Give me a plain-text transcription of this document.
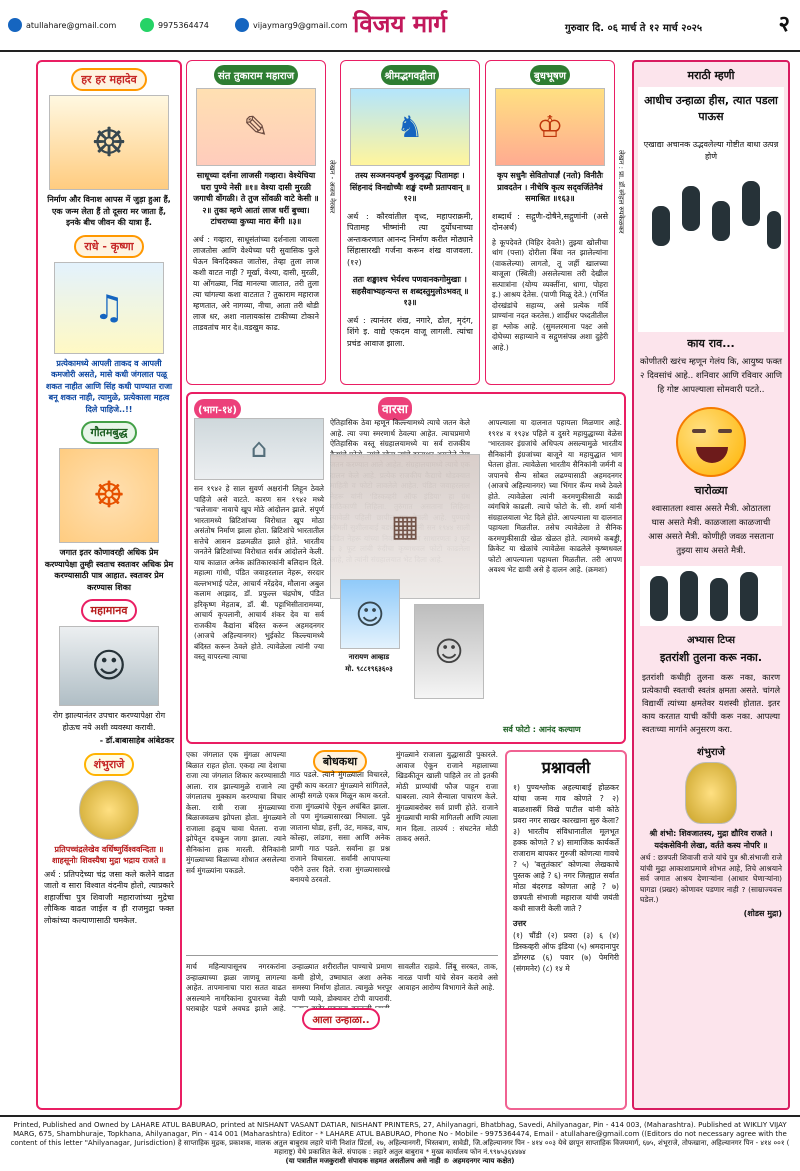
atullahare@gmail.com	9975364474	vijaymarg9@gmail.com विजय मार्ग	गुरुवार दि. ०६ मार्च ते १२ मार्च २०२५	२
हर हर महादेव
☸
निर्माण और विनाश आपस में जुड़ा हुआ हैं, एक जन्म लेता हैं तो दूसरा मर जाता हैं, इनके बीच जीवन की यात्रा हैं.
राधे - कृष्णा
♫
प्रत्येकामध्ये आपली ताकद व आपली कमजोरी असते, मासे कधी जंगलात पळू शकत नाहीत आणि सिंह कधी पाण्यात राजा बनू शकत नाही, त्यामुळे, प्रत्येकाला महत्व दिले पाहिजे..!!
गौतमबुद्ध
☸
जगात इतर कोणावरही अधिक प्रेम करण्यापेक्षा तुम्ही स्वतःच स्वतःवर अधिक प्रेम करण्यासाठी पात्र आहात. स्वतःवर प्रेम करण्यास शिका
महामानव
☺
रोग झाल्यानंतर उपचार करण्यापेक्षा रोग होऊच नये अशी व्यवस्था करावी.
- डॉ.बाबासाहेब आंबेडकर
शंभुराजे
प्रतिपच्चंद्रलेखेव वर्धिष्णुर्विश्ववन्दिता ॥ शाहसूनोः शिवस्यैषा मुद्रा भद्राय राजते ॥
अर्थ : प्रतिपदेच्या चंद्र जसा कले कलेने वाढत जातो व सारा विश्वात वंदनीय होतो, त्याप्रकारे शहाजींचा पुत्र शिवाजी महाराजांच्या मुद्रेचा लौकिक वाढत जाईल व ही राजमुद्रा फक्त लोकांच्या कल्याणासाठी चमकेल.
संत तुकाराम महाराज
✎
साधूच्या दर्शना लाजसी गव्हारा। वेश्येचिया घरा पुण्ये नेसी ॥१॥ वेश्या दासी मुरळी जगाची वोंगळी। ते तुज सोंवळी वाटे केसी ॥२॥ तुका म्हणे आतां लाज धरीं बुच्चा। टांचराच्या कुच्या मारा बेंगी ॥३॥
अर्थ : गव्हारा, साधूसंतांच्या दर्शनाला जायला लाजतोस आणि वेश्येच्या घरी सुवासिक फुले घेऊन बिनदिक्कत जातोस, तेव्हा तुला लाज कशी वाटत नाही ? मूर्खा, वेश्या, दासी, मुरळी, या ओंगळ्या, निंद्य मानल्या जातात, तरी तुला त्या चांगल्या कशा वाटतात ? तुकाराम महाराज म्हणतात, अरे नागव्या, नीचा, आता तरी थोडी लाज धर, अशा नालायकांस टाकीच्या टोकाने ताडवतांच मार दे॥.वडखुम काढ.
लेखन - अजय नेरकर
श्रीमद्भगवद्गीता
♞
तस्य सञ्जनयन्हर्षं कुरुवृद्धः पितामहः । सिंहनादं विनद्योच्चैः शङ्खं दध्मौ प्रतापवान् ॥१२॥
अर्थ : कौरवांतील वृध्द, महापराक्रमी, पितामह भीष्मांनी त्या दुर्योधनाच्या अन्तःकरणात आनन्द निर्माण करीत मोठ्याने सिंहासारखी गर्जना करून शंख वाजवला. (१२)
ततः शङ्खाश्च भेर्यश्च पणवानकगोमुखाः । सहसैवाभ्यहन्यन्त स शब्दस्तुमुलोऽभवत् ॥१३॥
अर्थ : त्यानंतर शंख, नगारे, ढोल, मृदंग, शिंगे इ. वाद्ये एकदम वाजू लागली. त्यांचा प्रचंड आवाज झाला.
बुधभूषण
♔
कृप सधुनैः सेवितोपार्ज्ञं (नतो) विनीतैः प्रावदतेन । नीचेषि कृत्य सद्‌वर्जितेनैवं समाश्रित ॥१६३॥
शब्दार्थ : सद्गुणैः-दोषैने,सद्गुणांनी (असे दोनअर्थ)
हे कूपदेवते (विहिर देवते!) तुझ्या खोलीचा थांग (पत्ता) दोरीला बिंवा नत झालेल्यांना (वाकलेल्या) लागतो, तू जर्ही खालच्या बाजूला (स्थिती) असलेल्यास तरी देखील सत्पात्रांना (योग्य व्यक्तींना, धागा, पोहरा इ.) आश्रय देतेस. (पाणी मिळू देते.) (गर्भित दोरखंडांचे सहाय्य, असे प्रत्येक गर्वि प्राण्यांना नदत करतेस.) शार्दीधर पध्दतीतील हा श्लोक आहे. (सुमलरमाना पक्ष्ट असे दोघेच्या सहाय्याने व सद्गुणसंपन्न अशा दुहेरी आहे.)
लेखन : प्रा. डॉ.स्नेहल रुपकेळकर
(भाग-१४)	वारसा
⌂
सन १९४२ हे साल सुवर्ण अक्षरांनी लिहून ठेवले पाहिजे असे वाटते. कारण सन १९४२ मध्ये 'चलेजाव' नावाचे खूप मोठे आंदोलन झाले. संपूर्ण भारतामध्ये ब्रिटिशांच्या विरोधात खूप मोठा असंतोष निर्माण झाला होता. ब्रिटिशांचे भारतातील सत्तेचे आसन डळमळीत झाले होते. भारतीय जनतेने ब्रिटिशांच्या विरोधात सर्वत्र आंदोलने केली. याच काळात अनेक क्रांतिकारकांनी बलिदान दिले. महात्मा गांधी, पंडित जवाहरलाल नेहरू, सरदार वल्लभभाई पटेल, आचार्य नरेंद्रदेव, मौलाना अबुल कलाम आझाद, डॉ. प्रफुल्ल चंद्रघोष, पंडित हरिकृष्ण मेहताब, डॉ. बी. पट्टाभिसीतारामय्या, आचार्य कृपलानी, आचार्य शंकर देव या सर्व राजकीय कैद्यांना बंदिस्त करून अहमदनगर (आजचे अहिल्यानगर) भुईकोट किल्ल्यामध्ये बंदिस्त करून ठेवले होते. त्यावेळेला त्यांनी ज्या वस्तू वापरल्या त्याचा
ऐतिहासिक ठेवा म्हणून किल्ल्यामध्ये त्याचे जतन केले आहे. त्या ज्या स्मरणार्थ ठेवल्या आहेत. त्याचप्रमाणे ऐतिहासिक वस्तू संग्रहालयामध्ये या सर्व राजकीय
▦
☺
नारायण आव्हाड
मो. ९८८१९६३६०३
☺
आपल्याला या दालनात पहायला मिळणार आहे. १९१४ व १९३४ पहिले व दुसरे महायुद्धाच्या वेळेस 'भारतावर इंग्रजांचे अधिपत्य असल्यामुळे भारतीय सैनिकांनी इंग्रजांच्या बाजूने या महायुद्धात भाग घेतला होता. त्यावेळेला भारतीय सैनिकांनी जर्मनी व जपानचे सैन्य सोबत लढण्यासाठी अहमदनगर (आजचे अहिल्यानगर) च्या भिंगार कॅम्प मध्ये ठेवले होते. त्यावेळेला त्यांनी करमणुकीसाठी काढी व्यंगचित्रे काढली. त्याचे फोटो के. सी. शर्मा यांनी संग्रहालयाला भेट दिले होते. आपल्याला या दालनात पहायला मिळतील. तसेच त्यावेळेला ते सैनिक करमणुकीसाठी खेळ खेळत होते. त्यामध्ये कबड्डी, क्रिकेट या खेळांचे त्यावेळेस काढलेले कृष्णधवल फोटो आपल्याला पहायला मिळतील. तरी आपण अवश्य भेट द्यावी असे हे दालन आहे. (क्रमशः)
सर्व फोटो : आनंद कल्याण
एका जंगलात एक मुंगळा आपल्या बिळात राहत होता. एकदा त्या देशाचा राजा त्या जंगलात शिकार करण्यासाठी आला. रात्र झाल्यामुळे राजाने त्या जंगलातच मुक्काम करण्याचा विचार केला. रात्री राजा मुंगळ्याच्या बिळाजवळच झोपला होता. मुंगळ्याने राजाला हळूच चावा घेतला. राजा झोपेतून दचकून जागा झाला. त्याने सैनिकांना हाक मारली. सैनिकांनी मुंगळ्याच्या बिळाच्या शोधात असलेल्या सर्व मुंगळ्यांना पकडले.
बोधकथा
गाठ पडले. त्याने मुंगळ्याला विचारले, तुम्ही काय करता? मुंगळ्याने सांगितले, आम्ही सगळे एकत्र मिळून काम करतो. राजा मुंगळ्यांचे ऐकून अचंबित झाला. तो पण मुंगळ्यासारखा निघाला. पुढे जाताना घोडा, हत्ती, उंट, माकड, वाघ, कोल्हा, लांडगा, ससा आणि अनेक प्राणी गाठ पडले. सर्वांना हा प्रश्न राजाने विचारला. सर्वांनी आपापल्या परीने उत्तर दिले. राजा मुंगळ्यासारखे बनायचे ठरवतो.
मुंगळ्याने राजाला युद्धासाठी पुकारले. आवाज ऐकून राजाने महालाच्या खिडकीतून खाली पाहिले तर तो इतकी मोठी प्राण्यांची फौज पाहून राजा घाबरला. त्याने सैन्याला पाचारण केले. मुंगळ्याबरोबर सर्व प्राणी होते. राजाने मुंगळ्याची माफी मागितली आणि त्याला मान दिला. तात्पर्य : संघटनेत मोठी ताकद असते.
मार्च महिन्यापासूनच नगरकरांना उन्हाळ्याच्या झळा जाणवू लागल्या आहेत. तापमानाचा पारा सतत वाढत असल्याने नागरिकांना दुपारच्या वेळी घराबाहेर पडणे अवघड झाले आहे. उन्हाळ्यात शरीरातील पाण्याचे प्रमाण कमी होणे, उष्माघात अशा अनेक समस्या निर्माण होतात. त्यामुळे भरपूर पाणी प्यावे, डोक्यावर टोपी वापरावी. सावलीत राहावे. लिंबू सरबत, ताक, नारळ पाणी यांचे सेवन करावे असे आवाहन आरोग्य विभागाने केले आहे.
आला उन्हाळा..
प्रश्नावली
१) पुण्यश्लोक अहल्याबाई होळकर यांचा जन्म गाव कोणते ? २) बाळशास्त्रीं विखे पाटील यांनी कोठे प्रवरा नगर साखर कारखाना सुरु केला? ३) भारतीय संविधानातील मूलभूत हक्क कोणते ? ४) सामाजिक कार्यकर्ते राजाराम बापकर गुरुजी कोणत्या गावचे ? ५) 'बलुतंकार' कोणत्या लेखकाचे पुस्तक आहे ? ६) नगर जिल्ह्यात सर्वात मोठा बंदरगड कोणता आहे ? ७) छत्रपती संभाजी महाराज यांची जयंती कधी साजरी केली जाते ?
उत्तर
(१) चौंडी (२) प्रवरा (३) ६ (४) डिस्कव्हरी ऑफ इंडिया (५) श्रमदानापुर डोंगरगढ (६) पवार (७) पेमगिरी (संगमनेर) (८) १४ मे
मराठी म्हणी
आधीच उन्हाळा हीस, त्यात पडला पाऊस
एखाद्या अचानक उद्भवलेल्या गोष्टीत बाधा उत्पन्न होणे
काय राव...
कोणीतरी खरंच म्हणून गेलंय कि, आयुष्य फक्त २ दिवसांचं आहे.. शनिवार आणि रविवार आणि हि गोष्ट आपल्याला सोमवारी पटते..
चारोळ्या
श्वासातला श्वास असते मैत्री. ओठातला घास असते मैत्री. काळजाला काळजाची आस असते मैत्री. कोणीही जवळ नसताना तुझ्या साथ असते मैत्री.
अभ्यास टिप्स
इतरांशी तुलना करू नका.
इतरांशी कधीही तुलना करू नका, कारण प्रत्येकाची स्वतःची स्वतंत्र क्षमता असते. चांगले विद्यार्थी त्यांच्या क्षमतेवर यशस्वी होतात. इतर काय करतात याची काँपी करू नका. आपल्या स्वतःच्या मार्गाने अनुसरण करा.
शंभुराजे
श्री शंभो: शिवजातस्य, मुद्रा द्यौरिव राजते । यदंकसेविनी लेखा, वर्तते कस्य नोपरि ॥
अर्थ : छत्रपती शिवाजी राजे यांचे पुत्र श्री.संभाजी राजे यांची मुद्रा आकाशाप्रमाणे शोभत आहे, तिचे आश्रयाने सर्व जगात आश्रय देणाऱ्यांना (आधार घेणाऱ्यांना) घागडा (प्रखर) कोणावर पडणार नाही ? (साम्राज्यवत्त घडेल.)
(शोडस मुद्रा)
Printed, Published and Owned by LAHARE ATUL BABURAO, printed at NISHANT VASANT DATIAR, NISHANT PRINTERS, 27, Ahilyanagri, Bhatbhag, Savedi, Ahilyanagar, Pin - 414 003, (Maharashtra). Published at WIKLIY VIJAY MARG, 675, Shambhuraje, Topkhana, Ahilyanagar, Pin - 414 001 (Maharashtra) Editor - * LAHARE ATUL BABURAO, Phone No - Mobile - 9975364474, Email - atullahare@gmail.com ((Editors do not necessary agree with the content of this letter "Ahilyanagar, Jurisdiction) हे साप्ताहिक मुद्रक, प्रकाशक, मालक अतुल बाबुराव लहारे यांनी निशांत प्रिंटर्स, २७, अहिल्यानगरी, भिस्तबाग, सावेडी, जि.अहिल्यानगर पिन - ४१४ ००३ येथे छापून साप्ताहिक विजयमार्ग, ६७५, शंभूराजे, तोफखाना, अहिल्यानगर पिन - ४१४ ००१ ( महाराष्ट्र) येथे प्रकाशित केले. संपादक : लहारे अतुल बाबुराव * मुख्य कार्यालय फोन नं.९९७५३६४४७४
(या पत्रातील मजकुराशी संपादक सहमत असतीलच असे नाही ® अहमदनगर न्याय कक्षेत)
